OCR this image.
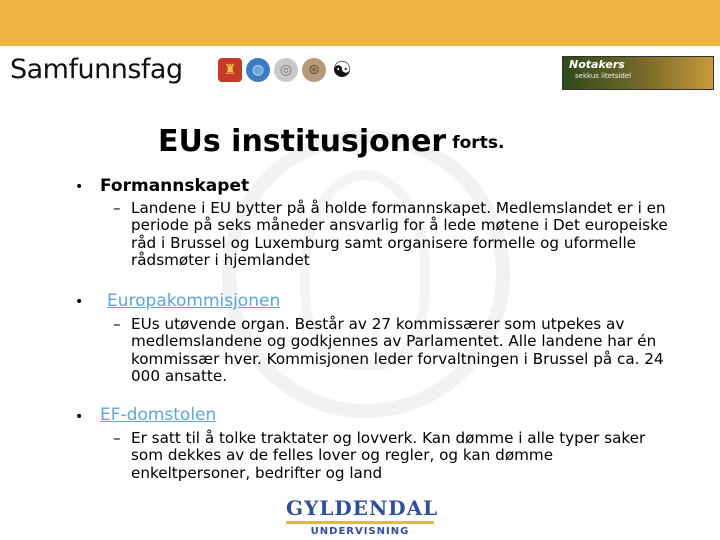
Samfunnsfag	♜	◍	◎	⊛ ☯	Notakers
sekkus iitetsidel
EUs institusjoner forts.
• Formannskapet
– Landene i EU bytter på å holde formannskapet. Medlemslandet er i en periode på seks måneder ansvarlig for å lede møtene i Det europeiske råd i Brussel og Luxemburg samt organisere formelle og uformelle rådsmøter i hjemlandet
• Europakommisjonen
– EUs utøvende organ. Består av 27 kommissærer som utpekes av medlemslandene og godkjennes av Parlamentet. Alle landene har én kommissær hver. Kommisjonen leder forvaltningen i Brussel på ca. 24 000 ansatte.
• EF-domstolen
– Er satt til å tolke traktater og lovverk. Kan dømme i alle typer saker som dekkes av de felles lover og regler, og kan dømme enkeltpersoner, bedrifter og land
GYLDENDAL
UNDERVISNING
